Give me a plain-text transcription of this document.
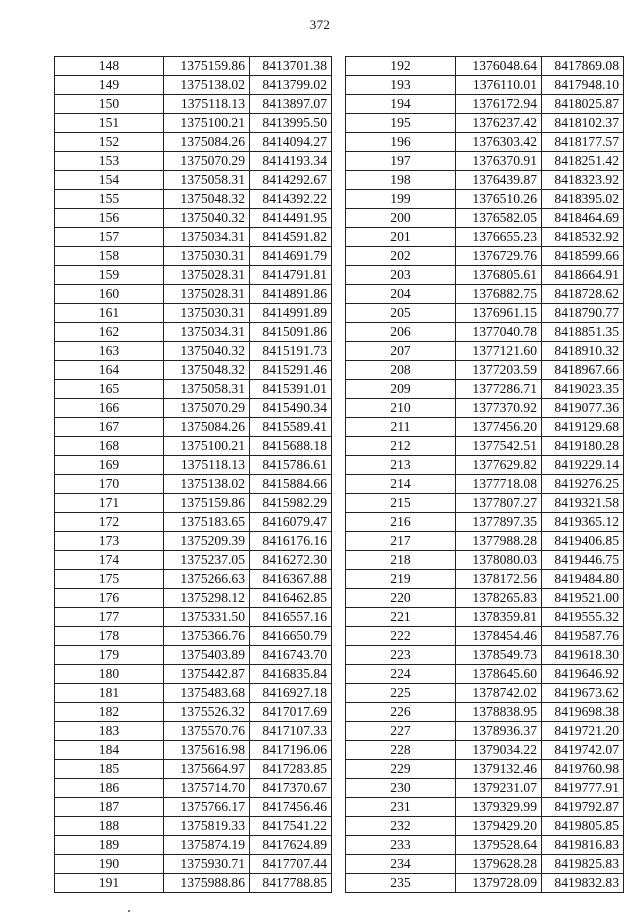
372
148	1375159.86	8413701.38
149	1375138.02	8413799.02
150	1375118.13	8413897.07
151	1375100.21	8413995.50
152	1375084.26	8414094.27
153	1375070.29	8414193.34
154	1375058.31	8414292.67
155	1375048.32	8414392.22
156	1375040.32	8414491.95
157	1375034.31	8414591.82
158	1375030.31	8414691.79
159	1375028.31	8414791.81
160	1375028.31	8414891.86
161	1375030.31	8414991.89
162	1375034.31	8415091.86
163	1375040.32	8415191.73
164	1375048.32	8415291.46
165	1375058.31	8415391.01
166	1375070.29	8415490.34
167	1375084.26	8415589.41
168	1375100.21	8415688.18
169	1375118.13	8415786.61
170	1375138.02	8415884.66
171	1375159.86	8415982.29
172	1375183.65	8416079.47
173	1375209.39	8416176.16
174	1375237.05	8416272.30
175	1375266.63	8416367.88
176	1375298.12	8416462.85
177	1375331.50	8416557.16
178	1375366.76	8416650.79
179	1375403.89	8416743.70
180	1375442.87	8416835.84
181	1375483.68	8416927.18
182	1375526.32	8417017.69
183	1375570.76	8417107.33
184	1375616.98	8417196.06
185	1375664.97	8417283.85
186	1375714.70	8417370.67
187	1375766.17	8417456.46
188	1375819.33	8417541.22
189	1375874.19	8417624.89
190	1375930.71	8417707.44
191	1375988.86	8417788.85
192	1376048.64	8417869.08
193	1376110.01	8417948.10
194	1376172.94	8418025.87
195	1376237.42	8418102.37
196	1376303.42	8418177.57
197	1376370.91	8418251.42
198	1376439.87	8418323.92
199	1376510.26	8418395.02
200	1376582.05	8418464.69
201	1376655.23	8418532.92
202	1376729.76	8418599.66
203	1376805.61	8418664.91
204	1376882.75	8418728.62
205	1376961.15	8418790.77
206	1377040.78	8418851.35
207	1377121.60	8418910.32
208	1377203.59	8418967.66
209	1377286.71	8419023.35
210	1377370.92	8419077.36
211	1377456.20	8419129.68
212	1377542.51	8419180.28
213	1377629.82	8419229.14
214	1377718.08	8419276.25
215	1377807.27	8419321.58
216	1377897.35	8419365.12
217	1377988.28	8419406.85
218	1378080.03	8419446.75
219	1378172.56	8419484.80
220	1378265.83	8419521.00
221	1378359.81	8419555.32
222	1378454.46	8419587.76
223	1378549.73	8419618.30
224	1378645.60	8419646.92
225	1378742.02	8419673.62
226	1378838.95	8419698.38
227	1378936.37	8419721.20
228	1379034.22	8419742.07
229	1379132.46	8419760.98
230	1379231.07	8419777.91
231	1379329.99	8419792.87
232	1379429.20	8419805.85
233	1379528.64	8419816.83
234	1379628.28	8419825.83
235	1379728.09	8419832.83
